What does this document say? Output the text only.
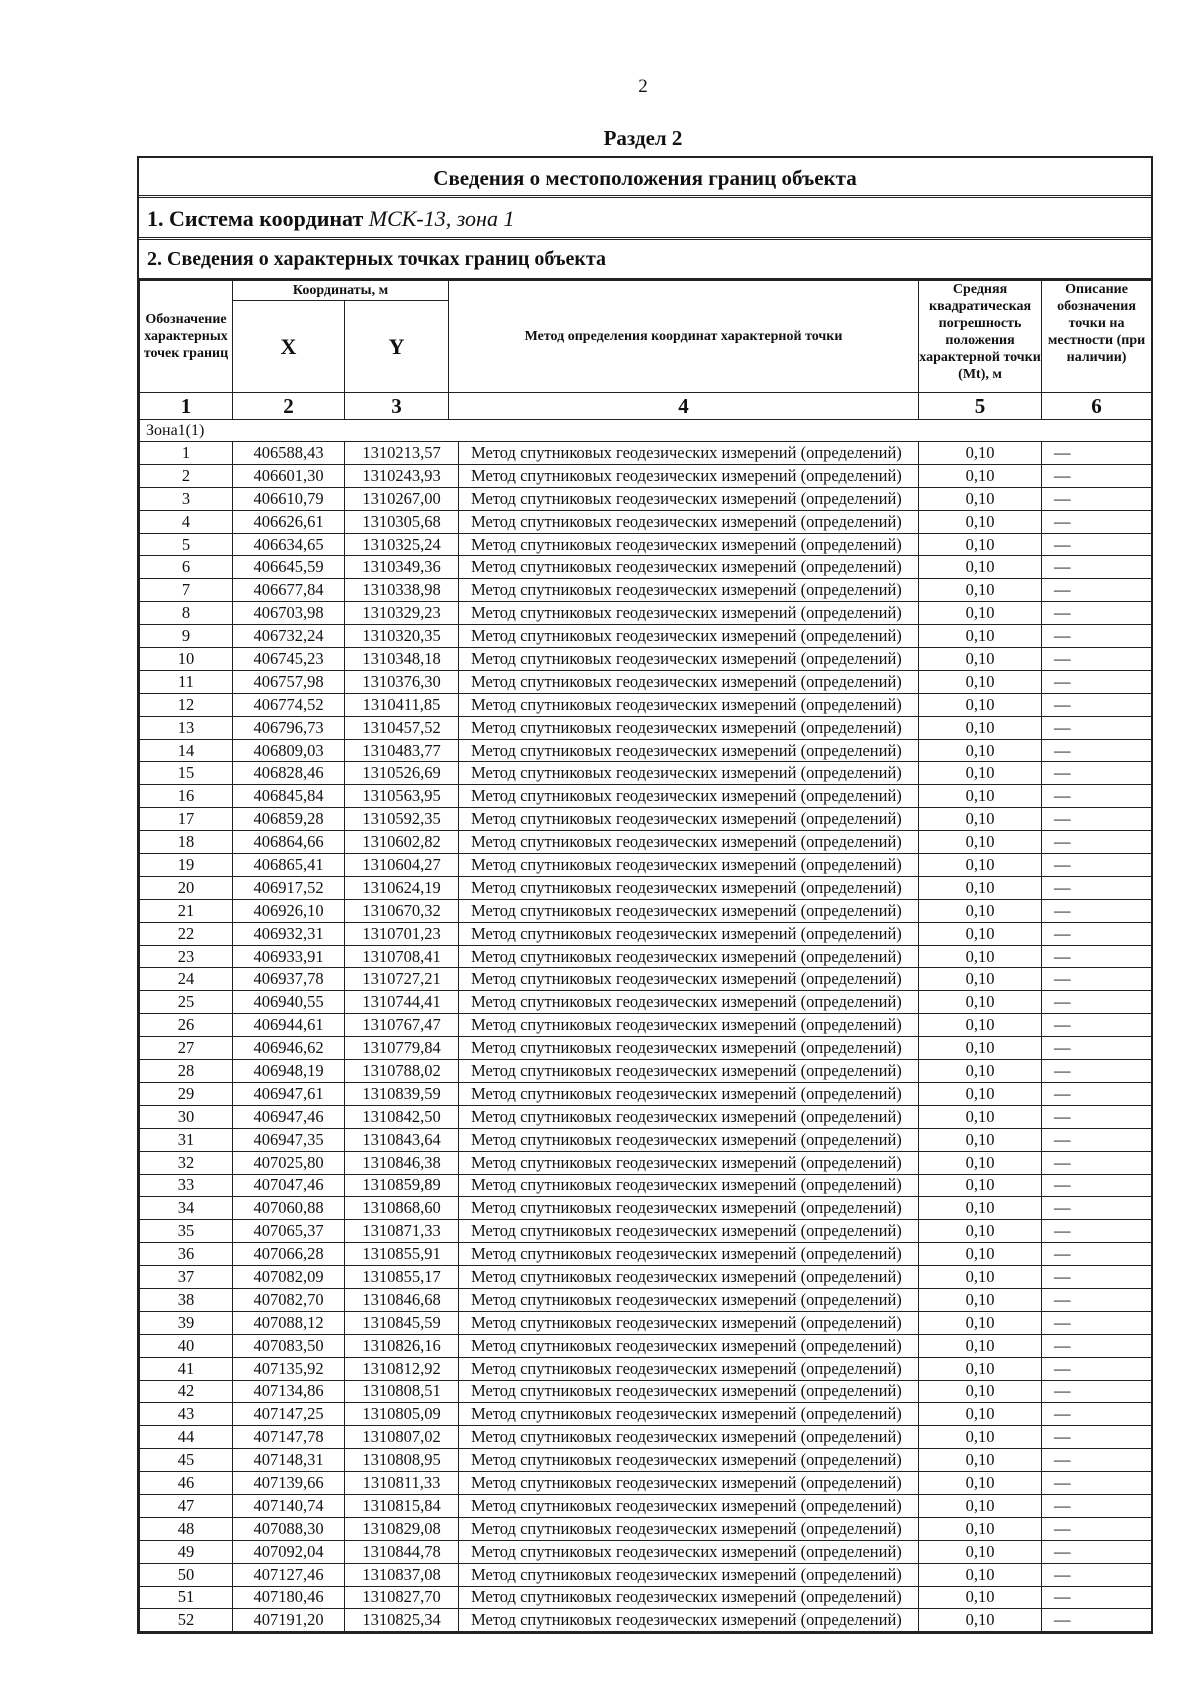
2
Раздел 2
Сведения о местоположения границ объекта
1. Система координат МСК-13, зона 1
2. Сведения о характерных точках границ объекта
Обозначение характерных точек границ	Координаты, м		Метод определения координат характерной точки		Средняя квадратическая погрешность положения характерной точки (Mt), м	Описание обозначения точки на местности (при наличии)
	X	Y				
1	2	3	4		5	6
Зона1(1)						
1	406588,43	1310213,57		Метод спутниковых геодезических измерений (определений)	0,10	—
2	406601,30	1310243,93		Метод спутниковых геодезических измерений (определений)	0,10	—
3	406610,79	1310267,00		Метод спутниковых геодезических измерений (определений)	0,10	—
4	406626,61	1310305,68		Метод спутниковых геодезических измерений (определений)	0,10	—
5	406634,65	1310325,24		Метод спутниковых геодезических измерений (определений)	0,10	—
6	406645,59	1310349,36		Метод спутниковых геодезических измерений (определений)	0,10	—
7	406677,84	1310338,98		Метод спутниковых геодезических измерений (определений)	0,10	—
8	406703,98	1310329,23		Метод спутниковых геодезических измерений (определений)	0,10	—
9	406732,24	1310320,35		Метод спутниковых геодезических измерений (определений)	0,10	—
10	406745,23	1310348,18		Метод спутниковых геодезических измерений (определений)	0,10	—
11	406757,98	1310376,30		Метод спутниковых геодезических измерений (определений)	0,10	—
12	406774,52	1310411,85		Метод спутниковых геодезических измерений (определений)	0,10	—
13	406796,73	1310457,52		Метод спутниковых геодезических измерений (определений)	0,10	—
14	406809,03	1310483,77		Метод спутниковых геодезических измерений (определений)	0,10	—
15	406828,46	1310526,69		Метод спутниковых геодезических измерений (определений)	0,10	—
16	406845,84	1310563,95		Метод спутниковых геодезических измерений (определений)	0,10	—
17	406859,28	1310592,35		Метод спутниковых геодезических измерений (определений)	0,10	—
18	406864,66	1310602,82		Метод спутниковых геодезических измерений (определений)	0,10	—
19	406865,41	1310604,27		Метод спутниковых геодезических измерений (определений)	0,10	—
20	406917,52	1310624,19		Метод спутниковых геодезических измерений (определений)	0,10	—
21	406926,10	1310670,32		Метод спутниковых геодезических измерений (определений)	0,10	—
22	406932,31	1310701,23		Метод спутниковых геодезических измерений (определений)	0,10	—
23	406933,91	1310708,41		Метод спутниковых геодезических измерений (определений)	0,10	—
24	406937,78	1310727,21		Метод спутниковых геодезических измерений (определений)	0,10	—
25	406940,55	1310744,41		Метод спутниковых геодезических измерений (определений)	0,10	—
26	406944,61	1310767,47		Метод спутниковых геодезических измерений (определений)	0,10	—
27	406946,62	1310779,84		Метод спутниковых геодезических измерений (определений)	0,10	—
28	406948,19	1310788,02		Метод спутниковых геодезических измерений (определений)	0,10	—
29	406947,61	1310839,59		Метод спутниковых геодезических измерений (определений)	0,10	—
30	406947,46	1310842,50		Метод спутниковых геодезических измерений (определений)	0,10	—
31	406947,35	1310843,64		Метод спутниковых геодезических измерений (определений)	0,10	—
32	407025,80	1310846,38		Метод спутниковых геодезических измерений (определений)	0,10	—
33	407047,46	1310859,89		Метод спутниковых геодезических измерений (определений)	0,10	—
34	407060,88	1310868,60		Метод спутниковых геодезических измерений (определений)	0,10	—
35	407065,37	1310871,33		Метод спутниковых геодезических измерений (определений)	0,10	—
36	407066,28	1310855,91		Метод спутниковых геодезических измерений (определений)	0,10	—
37	407082,09	1310855,17		Метод спутниковых геодезических измерений (определений)	0,10	—
38	407082,70	1310846,68		Метод спутниковых геодезических измерений (определений)	0,10	—
39	407088,12	1310845,59		Метод спутниковых геодезических измерений (определений)	0,10	—
40	407083,50	1310826,16		Метод спутниковых геодезических измерений (определений)	0,10	—
41	407135,92	1310812,92		Метод спутниковых геодезических измерений (определений)	0,10	—
42	407134,86	1310808,51		Метод спутниковых геодезических измерений (определений)	0,10	—
43	407147,25	1310805,09		Метод спутниковых геодезических измерений (определений)	0,10	—
44	407147,78	1310807,02		Метод спутниковых геодезических измерений (определений)	0,10	—
45	407148,31	1310808,95		Метод спутниковых геодезических измерений (определений)	0,10	—
46	407139,66	1310811,33		Метод спутниковых геодезических измерений (определений)	0,10	—
47	407140,74	1310815,84		Метод спутниковых геодезических измерений (определений)	0,10	—
48	407088,30	1310829,08		Метод спутниковых геодезических измерений (определений)	0,10	—
49	407092,04	1310844,78		Метод спутниковых геодезических измерений (определений)	0,10	—
50	407127,46	1310837,08		Метод спутниковых геодезических измерений (определений)	0,10	—
51	407180,46	1310827,70		Метод спутниковых геодезических измерений (определений)	0,10	—
52	407191,20	1310825,34		Метод спутниковых геодезических измерений (определений)	0,10	—
